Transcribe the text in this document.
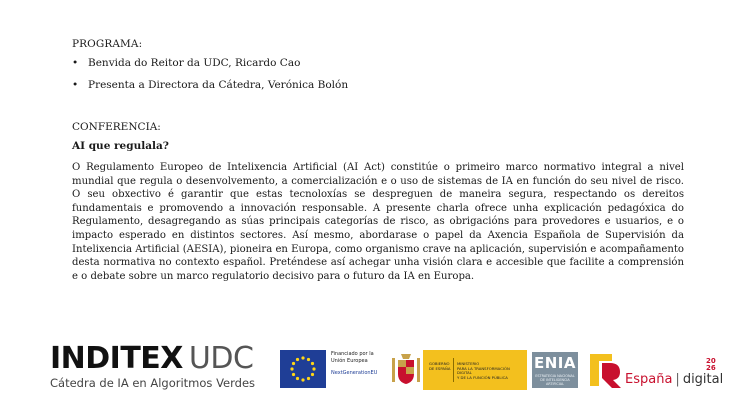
PROGRAMA:
• Benvida do Reitor da UDC, Ricardo Cao
• Presenta a Directora da Cátedra, Verónica Bolón
CONFERENCIA:
AI que regulala?

O Regulamento Europeo de Intelixencia Artificial (AI Act) constitúe o primeiro marco normativo integral a nivel mundial que regula o desenvolvemento, a comercialización e o uso de sistemas de IA en función do seu nivel de risco. O seu obxectivo é garantir que estas tecnoloxías se despreguen de maneira segura, respectando os dereitos fundamentais e promovendo a innovación responsable. A presente charla ofrece unha explicación pedagóxica do Regulamento, desagregando as súas principais categorías de risco, as obrigacións para provedores e usuarios, e o impacto esperado en distintos sectores. Así mesmo, abordarase o papel da Axencia Española de Supervisión da Intelixencia Artificial (AESIA), pioneira en Europa, como organismo crave na aplicación, supervisión e acompañamento desta normativa no contexto español. Preténdese así achegar unha visión clara e accesible que facilite a comprensión e o debate sobre un marco regulatorio decisivo para o futuro da IA en Europa.

INDITEX UDC
Cátedra de IA en Algoritmos Verdes
Financiado por la
Unión Europea
NextGenerationEU
GOBIERNO
DE ESPAÑA
MINISTERIO
PARA LA TRANSFORMACIÓN DIGITAL
Y DE LA FUNCIÓN PÚBLICA
ENIA
ESTRATEGIA NACIONAL DE INTELIGENCIA ARTIFICIAL	España | digital
20
26
